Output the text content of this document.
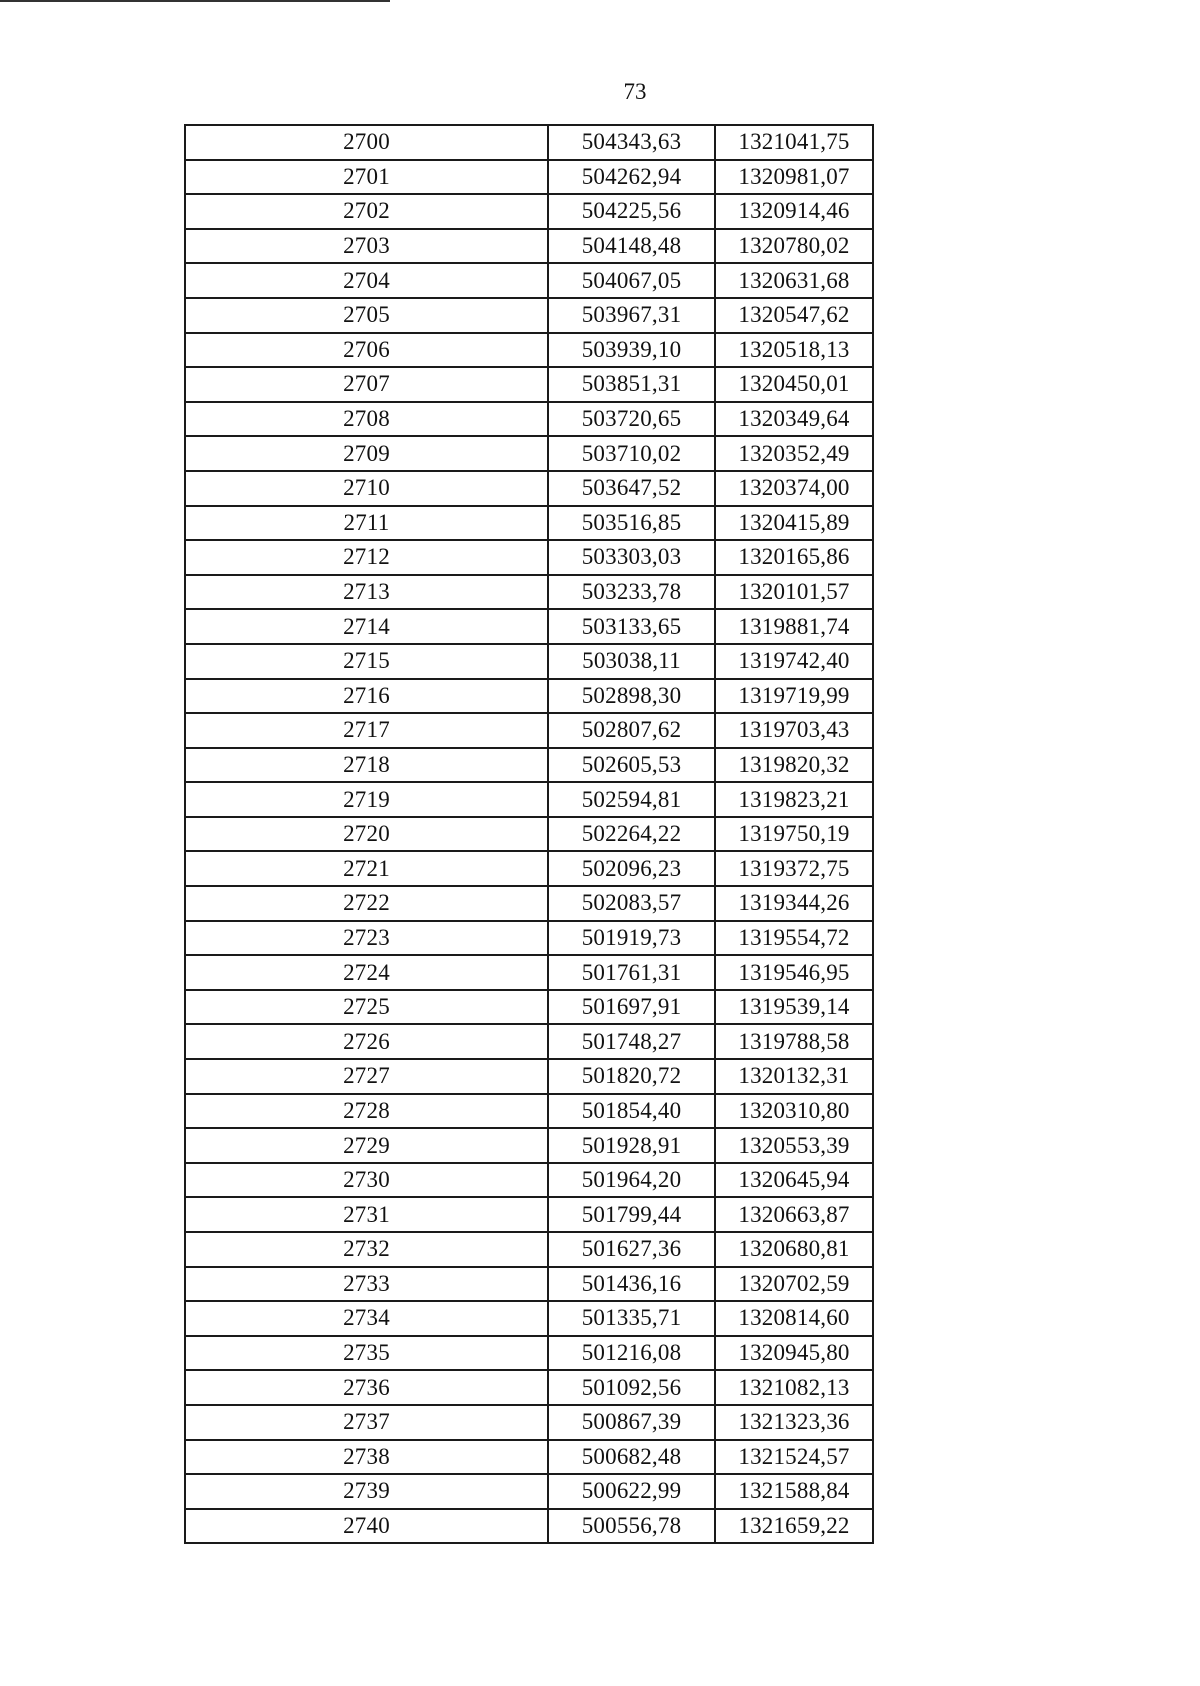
73
2700	504343,63	1321041,75
2701	504262,94	1320981,07
2702	504225,56	1320914,46
2703	504148,48	1320780,02
2704	504067,05	1320631,68
2705	503967,31	1320547,62
2706	503939,10	1320518,13
2707	503851,31	1320450,01
2708	503720,65	1320349,64
2709	503710,02	1320352,49
2710	503647,52	1320374,00
2711	503516,85	1320415,89
2712	503303,03	1320165,86
2713	503233,78	1320101,57
2714	503133,65	1319881,74
2715	503038,11	1319742,40
2716	502898,30	1319719,99
2717	502807,62	1319703,43
2718	502605,53	1319820,32
2719	502594,81	1319823,21
2720	502264,22	1319750,19
2721	502096,23	1319372,75
2722	502083,57	1319344,26
2723	501919,73	1319554,72
2724	501761,31	1319546,95
2725	501697,91	1319539,14
2726	501748,27	1319788,58
2727	501820,72	1320132,31
2728	501854,40	1320310,80
2729	501928,91	1320553,39
2730	501964,20	1320645,94
2731	501799,44	1320663,87
2732	501627,36	1320680,81
2733	501436,16	1320702,59
2734	501335,71	1320814,60
2735	501216,08	1320945,80
2736	501092,56	1321082,13
2737	500867,39	1321323,36
2738	500682,48	1321524,57
2739	500622,99	1321588,84
2740	500556,78	1321659,22
